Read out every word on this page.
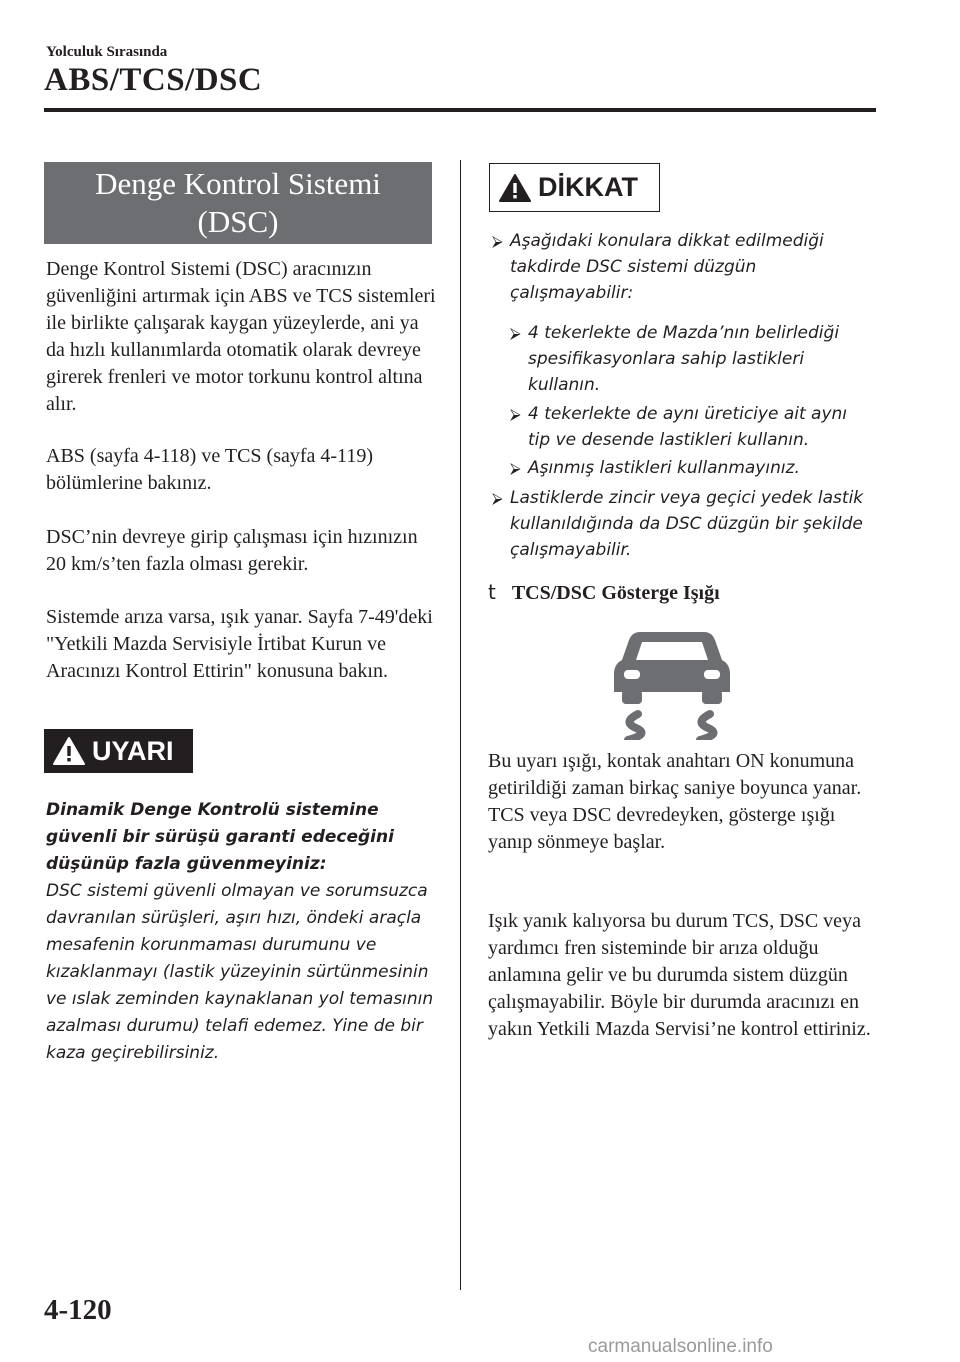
Yolculuk Sırasında
ABS/TCS/DSC
Denge Kontrol Sistemi
(DSC)
Denge Kontrol Sistemi (DSC) aracınızın güvenliğini artırmak için ABS ve TCS sistemleri ile birlikte çalışarak kaygan yüzeylerde, ani ya da hızlı kullanımlarda otomatik olarak devreye girerek frenleri ve motor torkunu kontrol altına alır.
ABS (sayfa 4-118) ve TCS (sayfa 4-119) bölümlerine bakınız.
DSC’nin devreye girip çalışması için hızınızın 20 km/s’ten fazla olması gerekir.
Sistemde arıza varsa, ışık yanar. Sayfa 7-49'deki "Yetkili Mazda Servisiyle İrtibat Kurun ve Aracınızı Kontrol Ettirin" konusuna bakın.
UYARI
Dinamik Denge Kontrolü sistemine güvenli bir sürüşü garanti edeceğini düşünüp fazla güvenmeyiniz:
DSC sistemi güvenli olmayan ve sorumsuzca davranılan sürüşleri, aşırı hızı, öndeki araçla mesafenin korunmaması durumunu ve kızaklanmayı (lastik yüzeyinin sürtünmesinin ve ıslak zeminden kaynaklanan yol temasının azalması durumu) telafi edemez. Yine de bir kaza geçirebilirsiniz.
DİKKAT
⮚ Aşağıdaki konulara dikkat edilmediği takdirde DSC sistemi düzgün çalışmayabilir:
⮚ 4 tekerlekte de Mazda’nın belirlediği spesifikasyonlara sahip lastikleri kullanın.
⮚ 4 tekerlekte de aynı üreticiye ait aynı tip ve desende lastikleri kullanın.
⮚ Aşınmış lastikleri kullanmayınız.
⮚ Lastiklerde zincir veya geçici yedek lastik kullanıldığında da DSC düzgün bir şekilde çalışmayabilir.
t TCS/DSC Gösterge Işığı
Bu uyarı ışığı, kontak anahtarı ON konumuna getirildiği zaman birkaç saniye boyunca yanar. TCS veya DSC devredeyken, gösterge ışığı yanıp sönmeye başlar.
Işık yanık kalıyorsa bu durum TCS, DSC veya yardımcı fren sisteminde bir arıza olduğu anlamına gelir ve bu durumda sistem düzgün çalışmayabilir. Böyle bir durumda aracınızı en yakın Yetkili Mazda Servisi’ne kontrol ettiriniz.
4-120
carmanualsonline.info
